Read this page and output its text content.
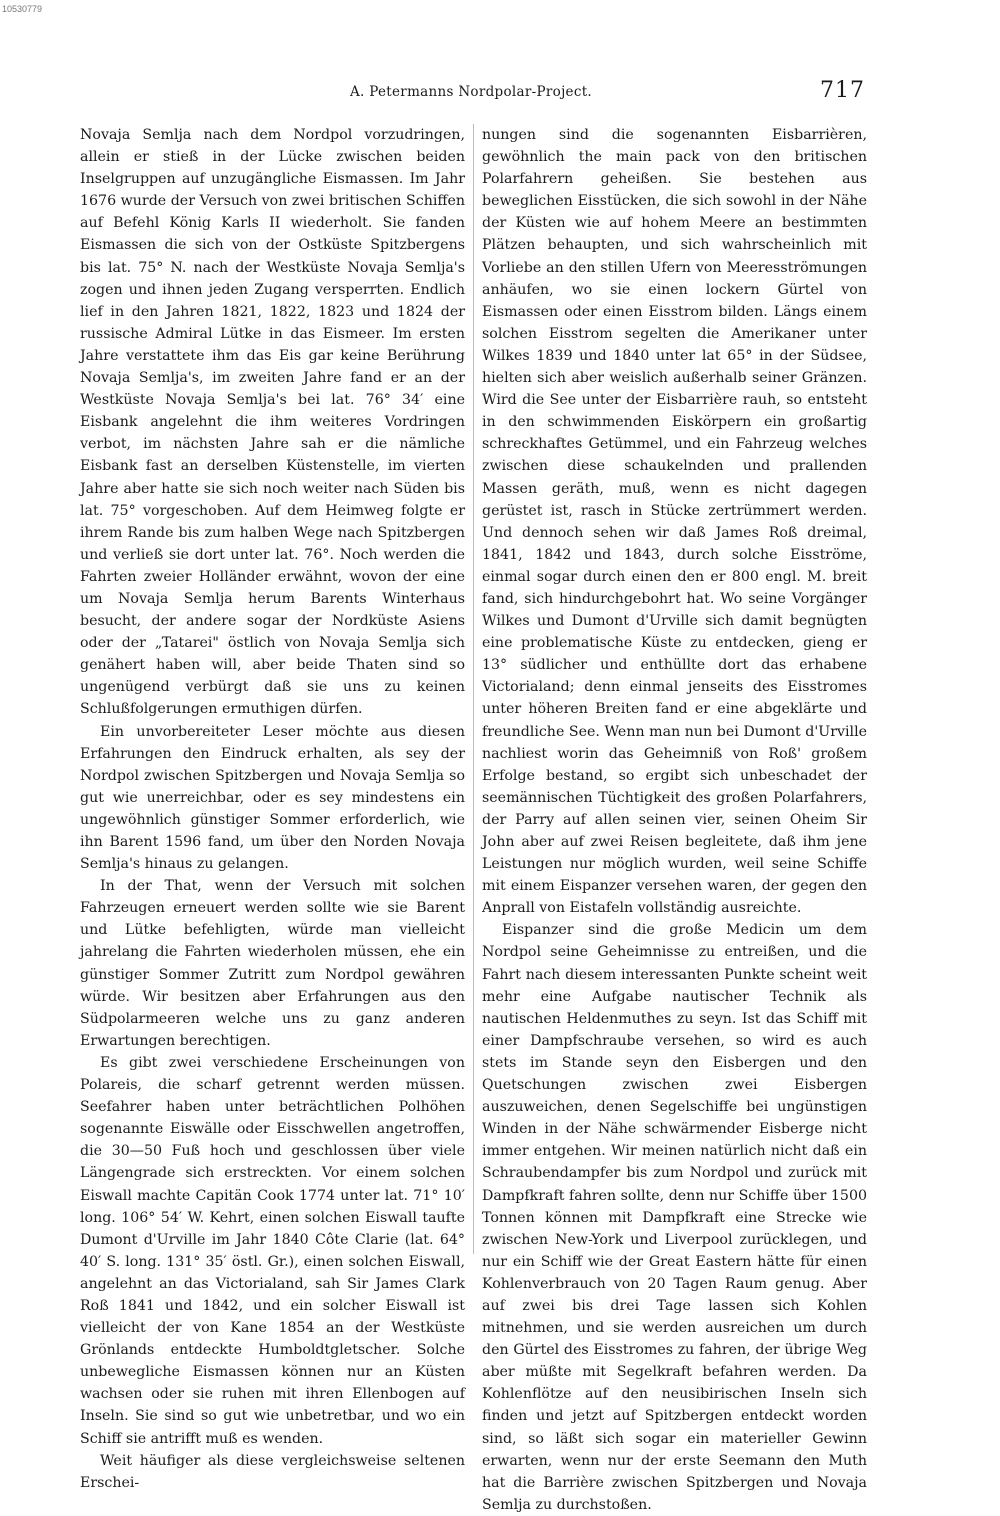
10530779
A. Petermanns Nordpolar-Project.	717

Novaja Semlja nach dem Nordpol vorzudringen, allein er stieß in der Lücke zwischen beiden Inselgruppen auf unzugängliche Eismassen. Im Jahr 1676 wurde der Versuch von zwei britischen Schiffen auf Befehl König Karls II wiederholt. Sie fanden Eismassen die sich von der Ostküste Spitzbergens bis lat. 75° N. nach der Westküste Novaja Semlja's zogen und ihnen jeden Zugang versperrten. Endlich lief in den Jahren 1821, 1822, 1823 und 1824 der russische Admiral Lütke in das Eismeer. Im ersten Jahre verstattete ihm das Eis gar keine Berührung Novaja Semlja's, im zweiten Jahre fand er an der Westküste Novaja Semlja's bei lat. 76° 34′ eine Eisbank angelehnt die ihm weiteres Vordringen verbot, im nächsten Jahre sah er die nämliche Eisbank fast an derselben Küstenstelle, im vierten Jahre aber hatte sie sich noch weiter nach Süden bis lat. 75° vorgeschoben. Auf dem Heimweg folgte er ihrem Rande bis zum halben Wege nach Spitzbergen und verließ sie dort unter lat. 76°. Noch werden die Fahrten zweier Holländer erwähnt, wovon der eine um Novaja Semlja herum Barents Winterhaus besucht, der andere sogar der Nordküste Asiens oder der „Tatarei" östlich von Novaja Semlja sich genähert haben will, aber beide Thaten sind so ungenügend verbürgt daß sie uns zu keinen Schlußfolgerungen ermuthigen dürfen.

Ein unvorbereiteter Leser möchte aus diesen Erfahrungen den Eindruck erhalten, als sey der Nordpol zwischen Spitzbergen und Novaja Semlja so gut wie unerreichbar, oder es sey mindestens ein ungewöhnlich günstiger Sommer erforderlich, wie ihn Barent 1596 fand, um über den Norden Novaja Semlja's hinaus zu gelangen.

In der That, wenn der Versuch mit solchen Fahrzeugen erneuert werden sollte wie sie Barent und Lütke befehligten, würde man vielleicht jahrelang die Fahrten wiederholen müssen, ehe ein günstiger Sommer Zutritt zum Nordpol gewähren würde. Wir besitzen aber Erfahrungen aus den Südpolarmeeren welche uns zu ganz anderen Erwartungen berechtigen.

Es gibt zwei verschiedene Erscheinungen von Polareis, die scharf getrennt werden müssen. Seefahrer haben unter beträchtlichen Polhöhen sogenannte Eiswälle oder Eisschwellen angetroffen, die 30—50 Fuß hoch und geschlossen über viele Längengrade sich erstreckten. Vor einem solchen Eiswall machte Capitän Cook 1774 unter lat. 71° 10′ long. 106° 54′ W. Kehrt, einen solchen Eiswall taufte Dumont d'Urville im Jahr 1840 Côte Clarie (lat. 64° 40′ S. long. 131° 35′ östl. Gr.), einen solchen Eiswall, angelehnt an das Victorialand, sah Sir James Clark Roß 1841 und 1842, und ein solcher Eiswall ist vielleicht der von Kane 1854 an der Westküste Grönlands entdeckte Humboldtgletscher. Solche unbewegliche Eismassen können nur an Küsten wachsen oder sie ruhen mit ihren Ellenbogen auf Inseln. Sie sind so gut wie unbetretbar, und wo ein Schiff sie antrifft muß es wenden.

Weit häufiger als diese vergleichsweise seltenen Erschei-

nungen sind die sogenannten Eisbarrièren, gewöhnlich the main pack von den britischen Polarfahrern geheißen. Sie bestehen aus beweglichen Eisstücken, die sich sowohl in der Nähe der Küsten wie auf hohem Meere an bestimmten Plätzen behaupten, und sich wahrscheinlich mit Vorliebe an den stillen Ufern von Meeresströmungen anhäufen, wo sie einen lockern Gürtel von Eismassen oder einen Eisstrom bilden. Längs einem solchen Eisstrom segelten die Amerikaner unter Wilkes 1839 und 1840 unter lat 65° in der Südsee, hielten sich aber weislich außerhalb seiner Gränzen. Wird die See unter der Eisbarrière rauh, so entsteht in den schwimmenden Eiskörpern ein großartig schreckhaftes Getümmel, und ein Fahrzeug welches zwischen diese schaukelnden und prallenden Massen geräth, muß, wenn es nicht dagegen gerüstet ist, rasch in Stücke zertrümmert werden. Und dennoch sehen wir daß James Roß dreimal, 1841, 1842 und 1843, durch solche Eisströme, einmal sogar durch einen den er 800 engl. M. breit fand, sich hindurchgebohrt hat. Wo seine Vorgänger Wilkes und Dumont d'Urville sich damit begnügten eine problematische Küste zu entdecken, gieng er 13° südlicher und enthüllte dort das erhabene Victorialand; denn einmal jenseits des Eisstromes unter höheren Breiten fand er eine abgeklärte und freundliche See. Wenn man nun bei Dumont d'Urville nachliest worin das Geheimniß von Roß' großem Erfolge bestand, so ergibt sich unbeschadet der seemännischen Tüchtigkeit des großen Polarfahrers, der Parry auf allen seinen vier, seinen Oheim Sir John aber auf zwei Reisen begleitete, daß ihm jene Leistungen nur möglich wurden, weil seine Schiffe mit einem Eispanzer versehen waren, der gegen den Anprall von Eistafeln vollständig ausreichte.

Eispanzer sind die große Medicin um dem Nordpol seine Geheimnisse zu entreißen, und die Fahrt nach diesem interessanten Punkte scheint weit mehr eine Aufgabe nautischer Technik als nautischen Heldenmuthes zu seyn. Ist das Schiff mit einer Dampfschraube versehen, so wird es auch stets im Stande seyn den Eisbergen und den Quetschungen zwischen zwei Eisbergen auszuweichen, denen Segelschiffe bei ungünstigen Winden in der Nähe schwärmender Eisberge nicht immer entgehen. Wir meinen natürlich nicht daß ein Schraubendampfer bis zum Nordpol und zurück mit Dampfkraft fahren sollte, denn nur Schiffe über 1500 Tonnen können mit Dampfkraft eine Strecke wie zwischen New-York und Liverpool zurücklegen, und nur ein Schiff wie der Great Eastern hätte für einen Kohlenverbrauch von 20 Tagen Raum genug. Aber auf zwei bis drei Tage lassen sich Kohlen mitnehmen, und sie werden ausreichen um durch den Gürtel des Eisstromes zu fahren, der übrige Weg aber müßte mit Segelkraft befahren werden. Da Kohlenflötze auf den neusibirischen Inseln sich finden und jetzt auf Spitzbergen entdeckt worden sind, so läßt sich sogar ein materieller Gewinn erwarten, wenn nur der erste Seemann den Muth hat die Barrière zwischen Spitzbergen und Novaja Semlja zu durchstoßen.
